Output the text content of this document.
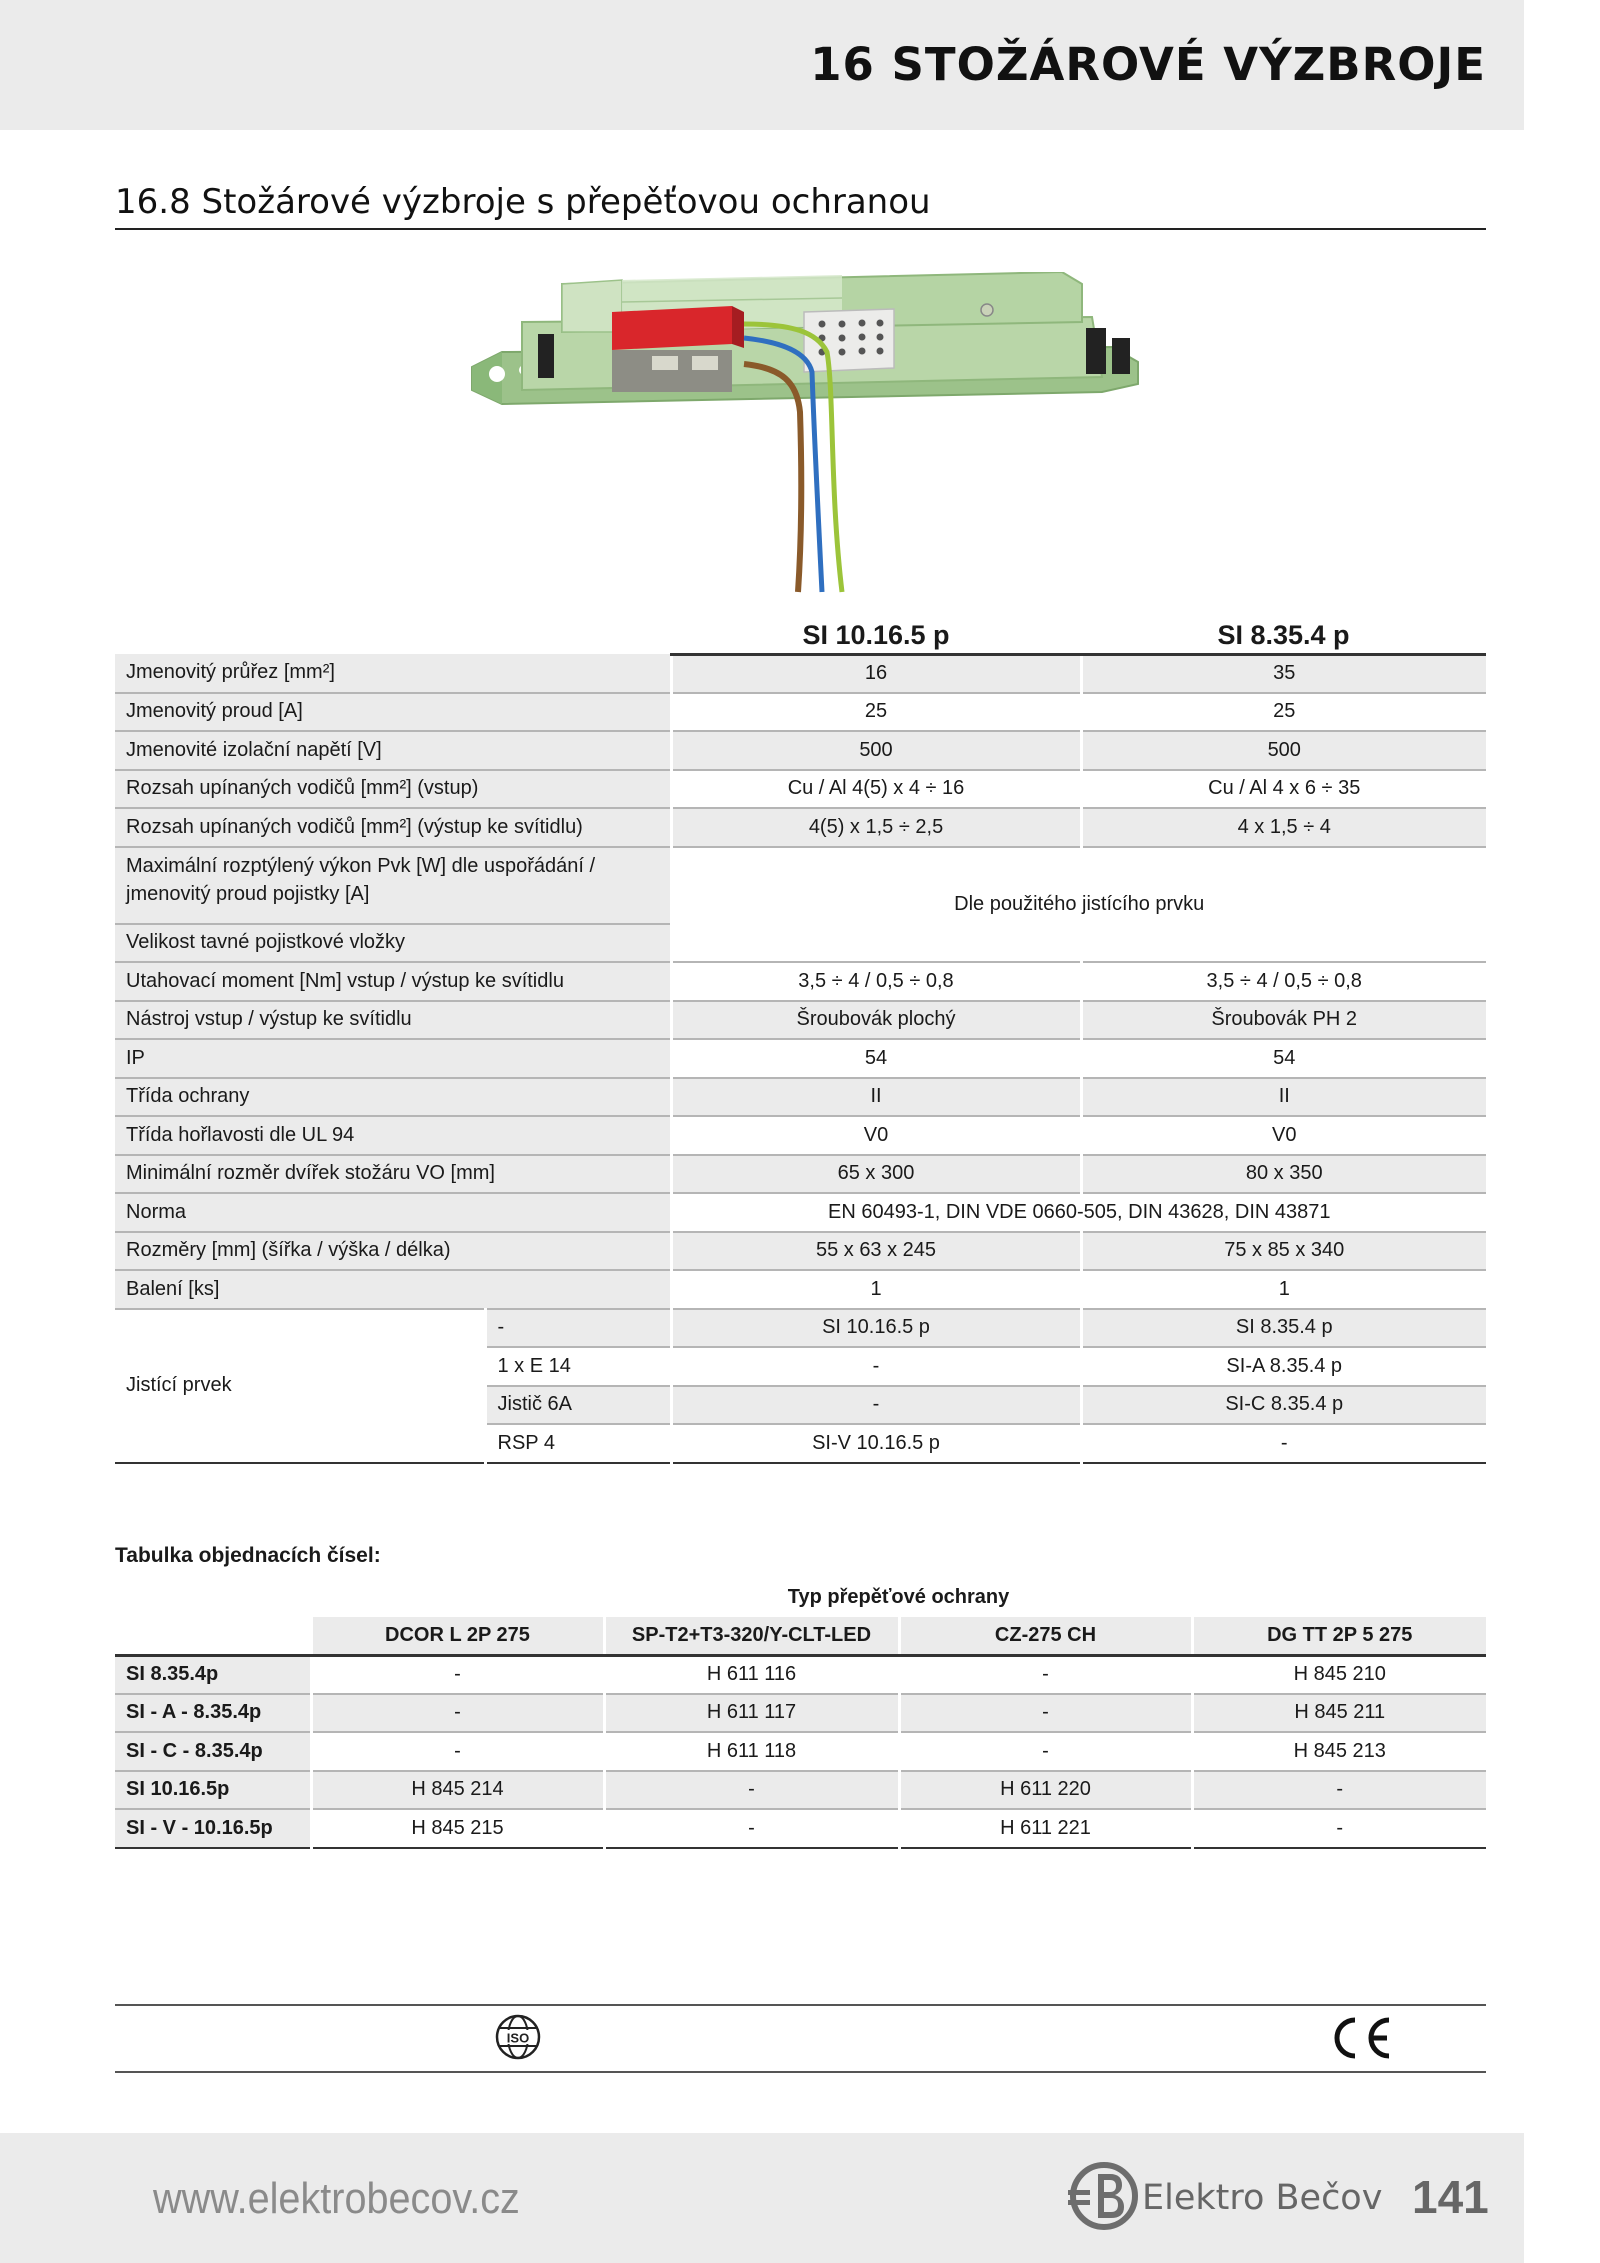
16 STOŽÁROVÉ VÝZBROJE
16.8 Stožárové výzbroje s přepěťovou ochranou
		SI 10.16.5 p	SI 8.35.4 p
Jmenovitý průřez [mm²]		16	35
Jmenovitý proud [A]		25	25
Jmenovité izolační napětí [V]		500	500
Rozsah upínaných vodičů [mm²] (vstup)		Cu / Al 4(5) x 4 ÷ 16	Cu / Al 4 x 6 ÷ 35
Rozsah upínaných vodičů [mm²] (výstup ke svítidlu)		4(5) x 1,5 ÷ 2,5	4 x 1,5 ÷ 4
Maximální rozptýlený výkon Pvk [W] dle uspořádání / jmenovitý proud pojistky [A]		Dle použitého jistícího prvku	
Velikost tavné pojistkové vložky			
Utahovací moment [Nm] vstup / výstup ke svítidlu		3,5 ÷ 4 / 0,5 ÷ 0,8	3,5 ÷ 4 / 0,5 ÷ 0,8
Nástroj vstup / výstup ke svítidlu		Šroubovák plochý	Šroubovák PH 2
IP		54	54
Třída ochrany		II	II
Třída hořlavosti dle UL 94		V0	V0
Minimální rozměr dvířek stožáru VO [mm]		65 x 300	80 x 350
Norma		EN 60493-1, DIN VDE 0660-505, DIN 43628, DIN 43871	
Rozměry [mm] (šířka / výška / délka)		55 x 63 x 245	75 x 85 x 340
Balení [ks]		1	1
Jistící prvek	-	SI 10.16.5 p	SI 8.35.4 p
	1 x E 14	-	SI-A 8.35.4 p
	Jistič 6A	-	SI-C 8.35.4 p
	RSP 4	SI-V 10.16.5 p	-
Tabulka objednacích čísel:
	Typ přepěťové ochrany			
	DCOR L 2P 275	SP-T2+T3-320/Y-CLT-LED	CZ-275 CH	DG TT 2P 5 275
SI 8.35.4p	-	H 611 116	-	H 845 210
SI - A - 8.35.4p	-	H 611 117	-	H 845 211
SI - C - 8.35.4p	-	H 611 118	-	H 845 213
SI 10.16.5p	H 845 214	-	H 611 220	-
SI - V - 10.16.5p	H 845 215	-	H 611 221	-
ISO
www.elektrobecov.cz	Elektro Bečov 141
